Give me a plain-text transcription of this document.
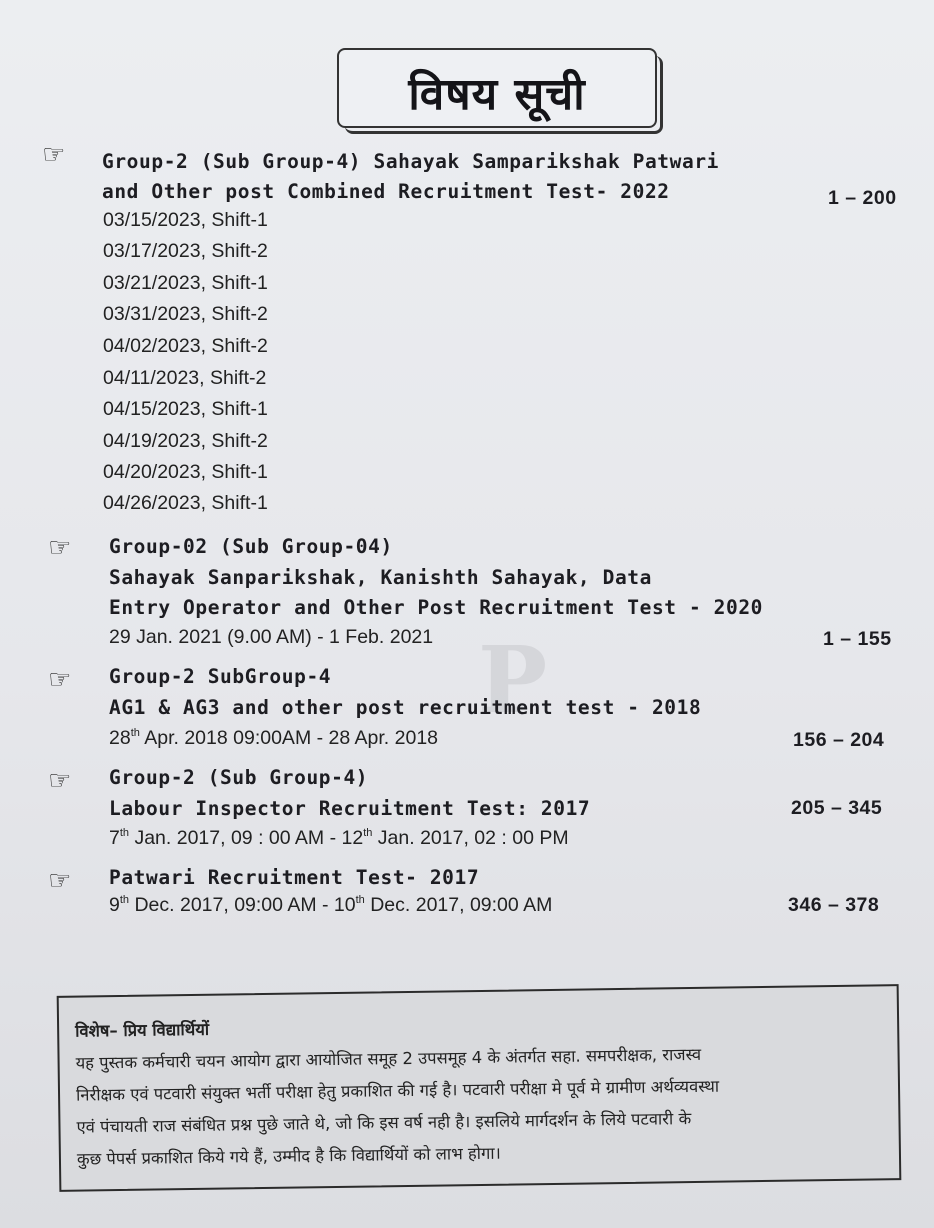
P
विषय सूची
☞	Group-2 (Sub Group-4) Sahayak Samparikshak Patwari
and Other post Combined Recruitment Test- 2022	1 – 200
03/15/2023, Shift-1
03/17/2023, Shift-2
03/21/2023, Shift-1
03/31/2023, Shift-2
04/02/2023, Shift-2
04/11/2023, Shift-2
04/15/2023, Shift-1
04/19/2023, Shift-2
04/20/2023, Shift-1
04/26/2023, Shift-1
☞	Group-02 (Sub Group-04)
Sahayak Sanparikshak, Kanishth Sahayak, Data
Entry Operator and Other Post Recruitment Test - 2020
29 Jan. 2021 (9.00 AM) - 1 Feb. 2021	1 – 155
☞	Group-2 SubGroup-4
AG1 & AG3 and other post recruitment test - 2018
28th Apr. 2018 09:00AM - 28 Apr. 2018	156 – 204
☞	Group-2 (Sub Group-4)
Labour Inspector Recruitment Test: 2017	205 – 345
7th Jan. 2017, 09 : 00 AM - 12th Jan. 2017, 02 : 00 PM
☞	Patwari Recruitment Test- 2017
9th Dec. 2017, 09:00 AM - 10th Dec. 2017, 09:00 AM	346 – 378
विशेष– प्रिय विद्यार्थियों
यह पुस्तक कर्मचारी चयन आयोग द्वारा आयोजित समूह 2 उपसमूह 4 के अंतर्गत सहा. समपरीक्षक, राजस्व
निरीक्षक एवं पटवारी संयुक्त भर्ती परीक्षा हेतु प्रकाशित की गई है। पटवारी परीक्षा मे पूर्व मे ग्रामीण अर्थव्यवस्था
एवं पंचायती राज संबंधित प्रश्न पुछे जाते थे, जो कि इस वर्ष नही है। इसलिये मार्गदर्शन के लिये पटवारी के
कुछ पेपर्स प्रकाशित किये गये हैं, उम्मीद है कि विद्यार्थियों को लाभ होगा।
